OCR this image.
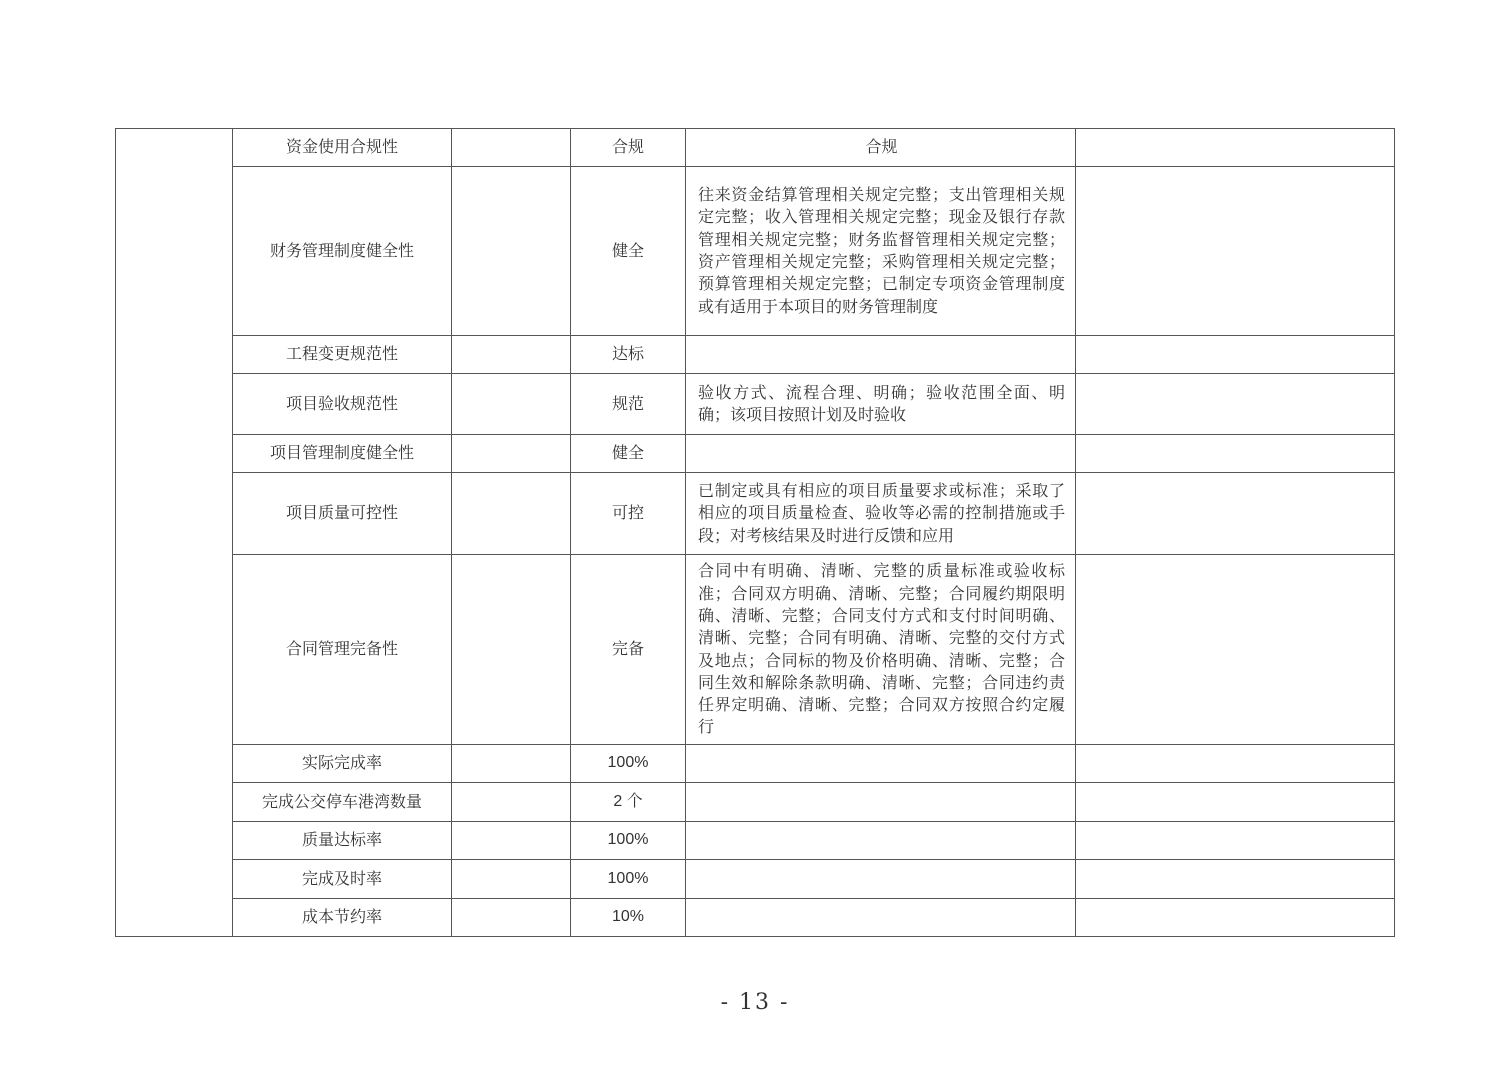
	资金使用合规性		合规	合规	
	财务管理制度健全性		健全	往来资金结算管理相关规定完整；支出管理相关规定完整；收入管理相关规定完整；现金及银行存款管理相关规定完整；财务监督管理相关规定完整；资产管理相关规定完整；采购管理相关规定完整；预算管理相关规定完整；已制定专项资金管理制度或有适用于本项目的财务管理制度	
	工程变更规范性		达标		
	项目验收规范性		规范	验收方式、流程合理、明确；验收范围全面、明确；该项目按照计划及时验收	
	项目管理制度健全性		健全		
	项目质量可控性		可控	已制定或具有相应的项目质量要求或标准；采取了相应的项目质量检查、验收等必需的控制措施或手段；对考核结果及时进行反馈和应用	
	合同管理完备性		完备	合同中有明确、清晰、完整的质量标准或验收标准；合同双方明确、清晰、完整；合同履约期限明确、清晰、完整；合同支付方式和支付时间明确、清晰、完整；合同有明确、清晰、完整的交付方式及地点；合同标的物及价格明确、清晰、完整；合同生效和解除条款明确、清晰、完整；合同违约责任界定明确、清晰、完整；合同双方按照合约定履行	
	实际完成率		100%		
	完成公交停车港湾数量		2 个		
	质量达标率		100%		
	完成及时率		100%		
	成本节约率		10%		
- 13 -
